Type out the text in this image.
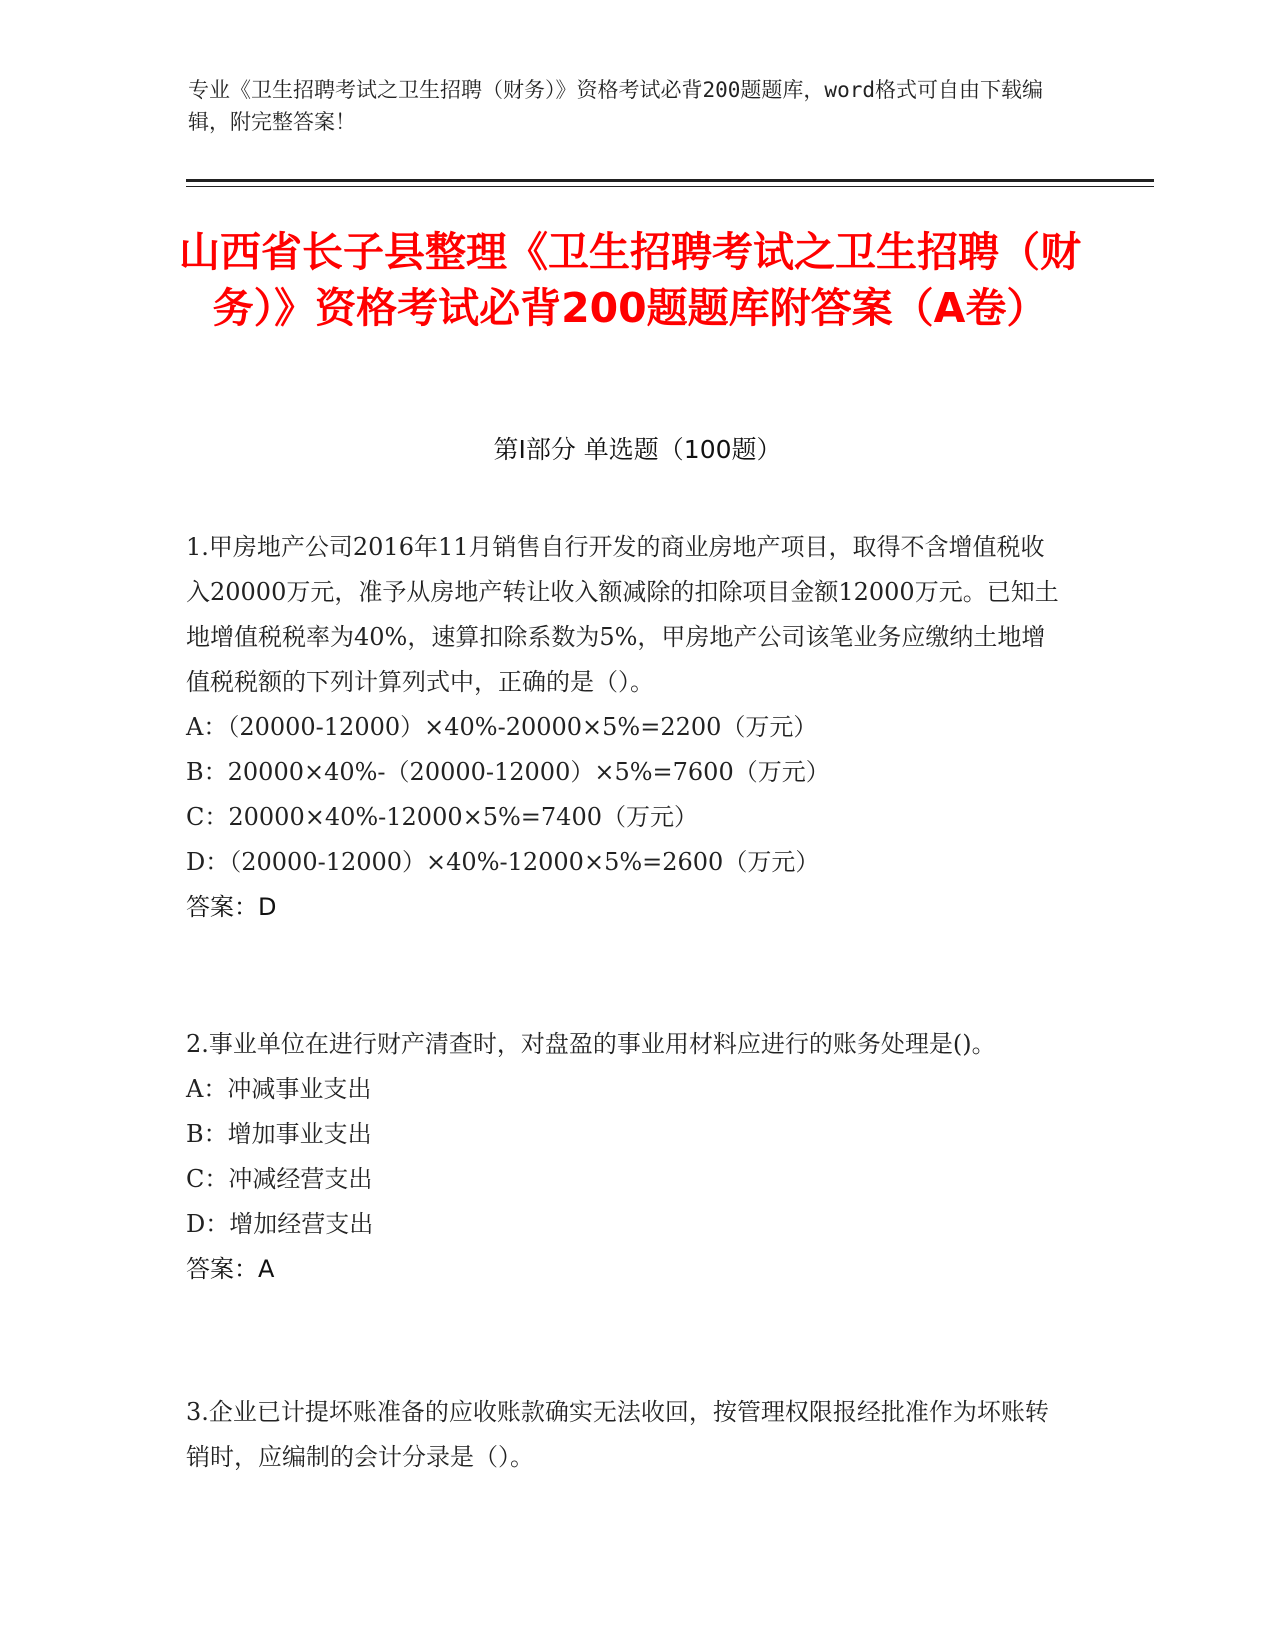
专业《卫生招聘考试之卫生招聘（财务）》资格考试必背200题题库，word格式可自由下载编辑，附完整答案！
山西省长子县整理《卫生招聘考试之卫生招聘（财务）》资格考试必背200题题库附答案（A卷）
第I部分 单选题（100题）
1.甲房地产公司2016年11月销售自行开发的商业房地产项目，取得不含增值税收入20000万元，准予从房地产转让收入额减除的扣除项目金额12000万元。已知土地增值税税率为40%，速算扣除系数为5%，甲房地产公司该笔业务应缴纳土地增值税税额的下列计算列式中，正确的是（）。
A：（20000-12000）×40%-20000×5%=2200（万元）
B：20000×40%-（20000-12000）×5%=7600（万元）
C：20000×40%-12000×5%=7400（万元）
D：（20000-12000）×40%-12000×5%=2600（万元）
答案：D
2.事业单位在进行财产清查时，对盘盈的事业用材料应进行的账务处理是()。
A：冲减事业支出
B：增加事业支出
C：冲减经营支出
D：增加经营支出
答案：A
3.企业已计提坏账准备的应收账款确实无法收回，按管理权限报经批准作为坏账转销时，应编制的会计分录是（）。
